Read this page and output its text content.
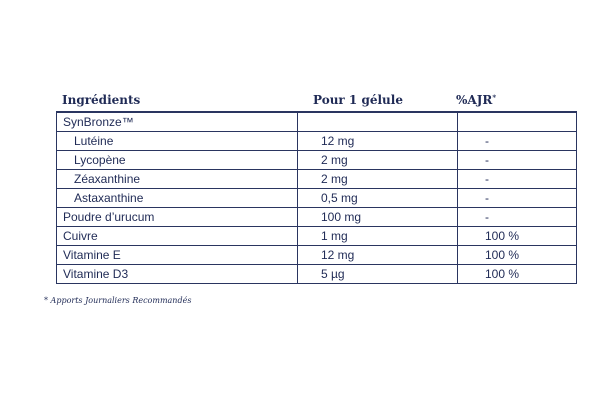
Ingrédients	Pour 1 gélule	%AJR*
SynBronze™		
Lutéine	12 mg	-
Lycopène	2 mg	-
Zéaxanthine	2 mg	-
Astaxanthine	0,5 mg	-
Poudre d’urucum	100 mg	-
Cuivre	1 mg	100 %
Vitamine E	12 mg	100 %
Vitamine D3	5 µg	100 %
* Apports Journaliers Recommandés
